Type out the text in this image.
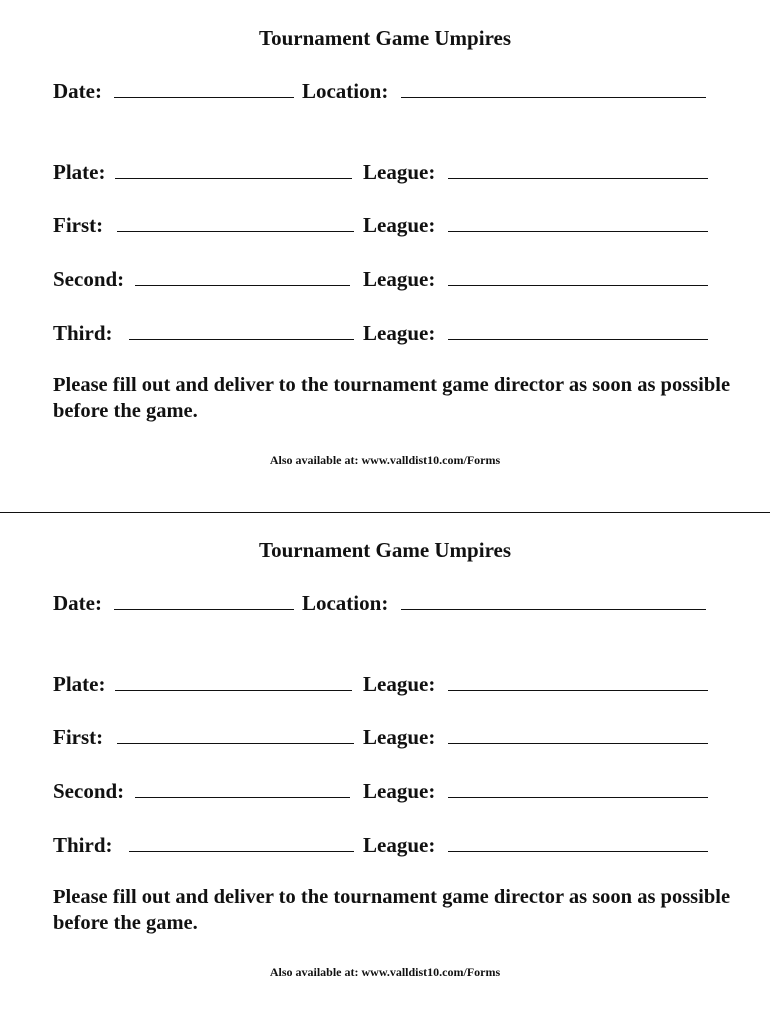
Tournament Game Umpires
Date:	Location:
Plate:	League:
First:	League:
Second:	League:
Third:	League:
Please fill out and deliver to the tournament game director as soon as possible before the game.
Also available at: www.valldist10.com/Forms
Tournament Game Umpires
Date:	Location:
Plate:	League:
First:	League:
Second:	League:
Third:	League:
Please fill out and deliver to the tournament game director as soon as possible before the game.
Also available at: www.valldist10.com/Forms
